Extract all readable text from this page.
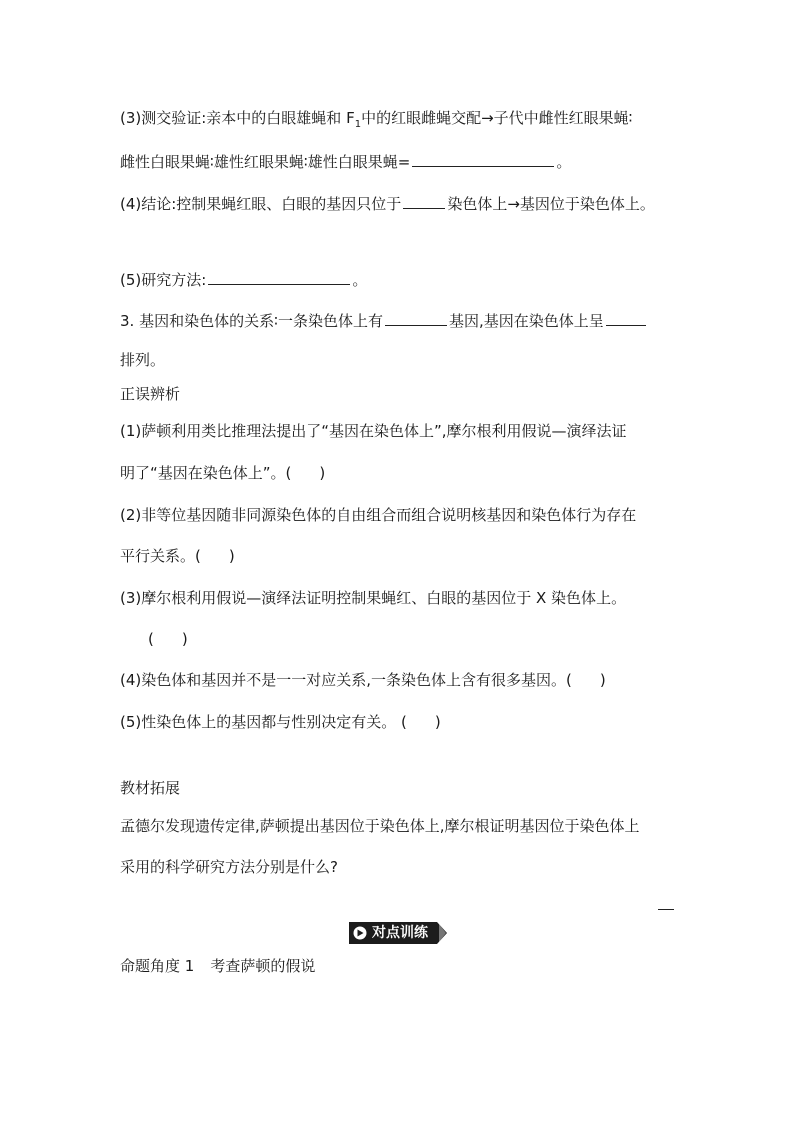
(3)测交验证:亲本中的白眼雄蝇和 $F_1$中的红眼雌蝇交配→子代中雌性红眼果蝇∶
雌性白眼果蝇∶雄性红眼果蝇∶雄性白眼果蝇=	。
(4)结论:控制果蝇红眼、白眼的基因只位于	染色体上→基因位于染色体上。
(5)研究方法:	。
3. 基因和染色体的关系∶一条染色体上有	基因,基因在染色体上呈
排列。
正误辨析
(1)萨顿利用类比推理法提出了“基因在染色体上”,摩尔根利用假说—演绎法证
明了“基因在染色体上”。( )
(2)非等位基因随非同源染色体的自由组合而组合说明核基因和染色体行为存在
平行关系。( )
(3)摩尔根利用假说—演绎法证明控制果蝇红、白眼的基因位于 X 染色体上。
( )
(4)染色体和基因并不是一一对应关系,一条染色体上含有很多基因。( )
(5)性染色体上的基因都与性别决定有关。 ( )
教材拓展
孟德尔发现遗传定律,萨顿提出基因位于染色体上,摩尔根证明基因位于染色体上
采用的科学研究方法分别是什么?
对点训练
命题角度 1 考查萨顿的假说
